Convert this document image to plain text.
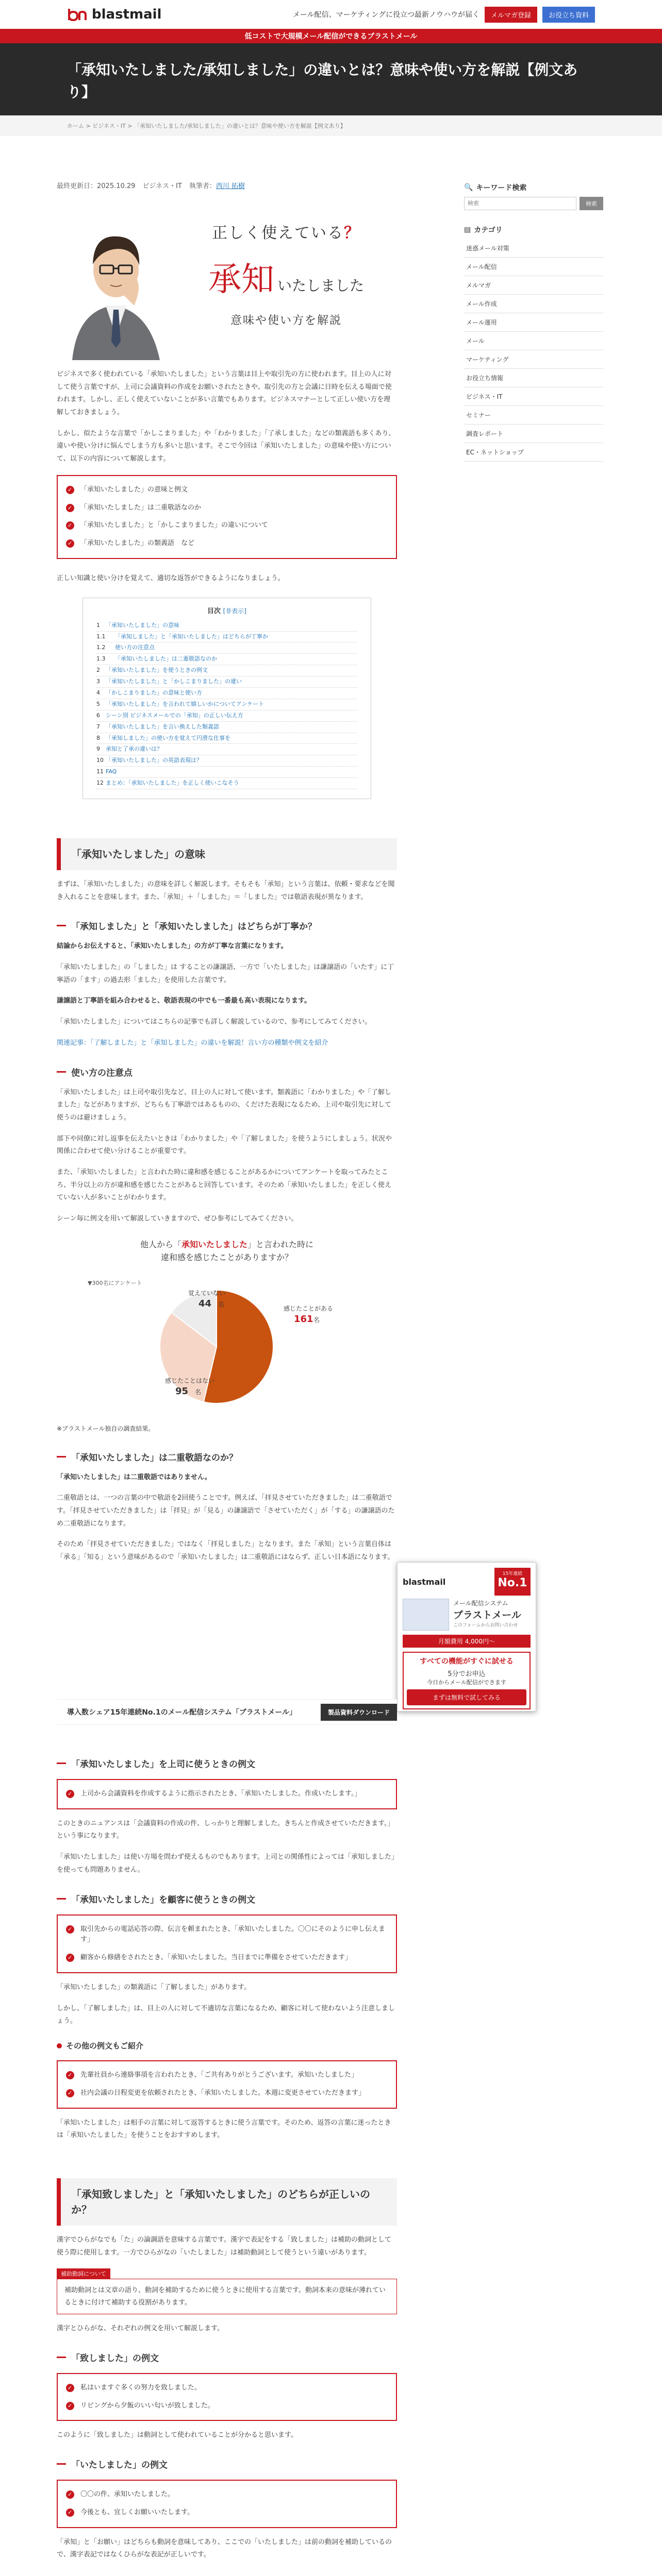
blastmail	メール配信、マーケティングに役立つ最新ノウハウが届く	メルマガ登録	お役立ち資料
低コストで大規模メール配信ができるブラストメール
「承知いたしました/承知しました」の違いとは？意味や使い方を解説【例文あり】
ホーム > ビジネス・IT > 「承知いたしました/承知しました」の違いとは？意味や使い方を解説【例文あり】
最終更新日：2025.10.29 ビジネス・IT 執筆者：西川 拓樹
正しく使えている？
承知 いたしました
意味や使い方を解説

ビジネスで多く使われている「承知いたしました」という言葉は目上や取引先の方に使われます。目上の人に対して使う言葉ですが、上司に会議資料の作成をお願いされたときや、取引先の方と会議に日時を伝える場面で使われます。しかし、正しく使えていないことが多い言葉でもあります。ビジネスマナーとして正しい使い方を理解しておきましょう。

しかし、似たような言葉で「かしこまりました」や「わかりました」「了承しました」などの類義語も多くあり、違いや使い分けに悩んでしまう方も多いと思います。そこで今回は「承知いたしました」の意味や使い方について、以下の内容について解説します。

「承知いたしました」の意味と例文 ✓
「承知いたしました」は二重敬語なのか ✓
「承知いたしました」と「かしこまりました」の違いについて ✓
「承知いたしました」の類義語　など ✓

正しい知識と使い分けを覚えて、適切な返答ができるようになりましょう。

目次 [非表示]
1 「承知いたしました」の意味
1.1 「承知しました」と「承知いたしました」はどちらが丁寧か
1.2 使い方の注意点
1.3 「承知いたしました」は二重敬語なのか
2 「承知いたしました」を使うときの例文
3 「承知いたしました」と「かしこまりました」の違い
4 「かしこまりました」の意味と使い方
5 「承知いたしました」を言われて嬉しいかについてアンケート
6 シーン別 ビジネスメールでの「承知」の正しい伝え方
7 「承知いたしました」を言い換えした類義語
8 「承知しました」の使い方を覚えて円滑な仕事を
9 承知と了承の違いは？
10 「承知いたしました」の英語表現は？
11 FAQ
12 まとめ：「承知いたしました」を正しく使いこなそう
「承知いたしました」の意味

まずは、「承知いたしました」の意味を詳しく解説します。そもそも「承知」という言葉は、依頼・要求などを聞き入れることを意味します。また、「承知」＋「しました」＝「しました」では敬語表現が異なります。

「承知しました」と「承知いたしました」はどちらが丁寧か？

結論からお伝えすると、「承知いたしました」の方が丁寧な言葉になります。

「承知いたしました」の「しました」は することの謙譲語、一方で「いたしました」は謙譲語の「いたす」に丁寧語の「ます」の過去形「ました」を使用した言葉です。

謙譲語と丁寧語を組み合わせると、敬語表現の中でも一番最も高い表現になります。

「承知いたしました」についてはこちらの記事でも詳しく解説しているので、参考にしてみてください。

関連記事：「了解しました」と「承知しました」の違いを解説！言い方の種類や例文を紹介

使い方の注意点

「承知いたしました」は上司や取引先など、目上の人に対して使います。類義語に「わかりました」や「了解しました」などがありますが、どちらも丁寧語ではあるものの、くだけた表現になるため、上司や取引先に対して使うのは避けましょう。

部下や同僚に対し返事を伝えたいときは「わかりました」や「了解しました」を使うようにしましょう。状況や関係に合わせて使い分けることが重要です。

また、「承知いたしました」と言われた時に違和感を感じることがあるかについてアンケートを取ってみたところ、半分以上の方が違和感を感じたことがあると回答しています。そのため「承知いたしました」を正しく使えていない人が多いことがわかります。

シーン毎に例文を用いて解説していきますので、ぜひ参考にしてみてください。

他人から「承知いたしました」と言われた時に
違和感を感じたことがありますか？
感じたことがある
161 名
感じたことはない
95 名
覚えていない
44 名
▼300名にアンケート

※ブラストメール独自の調査結果。

「承知いたしました」は二重敬語なのか？

「承知いたしました」は二重敬語ではありません。

二重敬語とは、一つの言葉の中で敬語を2回使うことです。例えば、「拝見させていただきました」は二重敬語です。「拝見させていただきました」は「拝見」が「見る」の謙譲語で「させていただく」が「する」の謙譲語のため二重敬語になります。

そのため「拝見させていただきました」ではなく「拝見しました」となります。また「承知」という言葉自体は「承る」「知る」という意味があるので「承知いたしました」は二重敬語にはならず、正しい日本語になります。

🔍 キーワード検索
検索
検索
▤ カテゴリ
迷惑メール対策
メール配信
メルマガ
メール作成
メール運用
メール
マーケティング
お役立ち情報
ビジネス・IT
セミナー
調査レポート
EC・ネットショップ
blastmail
15年連続
No.1
メール配信システム
ブラストメール
このフォームからお問い合わせ
月額費用 4,000円〜
すべての機能がすぐに試せる
5分でお申込
今日からメール配信ができます
まずは無料で試してみる
導入数シェア15年連続No.1のメール配信システム「ブラストメール」	製品資料ダウンロード
「承知いたしました」を上司に使うときの例文
上司から会議資料を作成するように指示されたとき、「承知いたしました。作成いたします。」 ✓

このときのニュアンスは「会議資料の作成の件、しっかりと理解しました。きちんと作成させていただきます。」という事になります。

「承知いたしました」は使い方場を問わず使えるものでもあります。上司との関係性によっては「承知しました」を使っても問題ありません。

「承知いたしました」を顧客に使うときの例文
取引先からの電話応答の際、伝言を頼まれたとき、「承知いたしました。〇〇にそのように申し伝えます」 ✓
顧客から修繕をされたとき、「承知いたしました。当日までに準備をさせていただきます」 ✓

「承知いたしました」の類義語に「了解しました」があります。

しかし、「了解しました」は、目上の人に対して不適切な言葉になるため、顧客に対して使わないよう注意しましょう。

その他の例文もご紹介
先輩社員から連絡事項を言われたとき、「ご共有ありがとうございます。承知いたしました」 ✓
社内会議の日程変更を依頼されたとき、「承知いたしました。本週に変更させていただきます」 ✓

「承知いたしました」は相手の言葉に対して返答するときに使う言葉です。そのため、返答の言葉に迷ったときは「承知いたしました」を使うことをおすすめします。

「承知致しました」と「承知いたしました」のどちらが正しいのか？

漢字でひらがなでも「た」の論調語を意味する言葉です。漢字で表記をする「致しました」は補助の動詞として使う際に使用します。一方でひらがなの「いたしました」は補助動詞として使うという違いがあります。

補助動詞について
補助動詞とは文章の語り、動詞を補助するために使うときに使用する言葉です。動詞本来の意味が薄れているときに付けて補助する役割があります。

漢字とひらがな、それぞれの例文を用いて解説します。

「致しました」の例文
私はいますぐ多くの努力を致しました。 ✓
リビングから夕飯のいい匂いが致しました。 ✓

このように「致しました」は動詞として使われていることが分かると思います。

「いたしました」の例文
〇〇の件、承知いたしました。 ✓
今後とも、宜しくお願いいたします。 ✓

「承知」と「お願い」はどちらも動詞を意味してあり、ここでの「いたしました」は前の動詞を補助しているので、漢字表記ではなくひらがな表記が正しいです。
